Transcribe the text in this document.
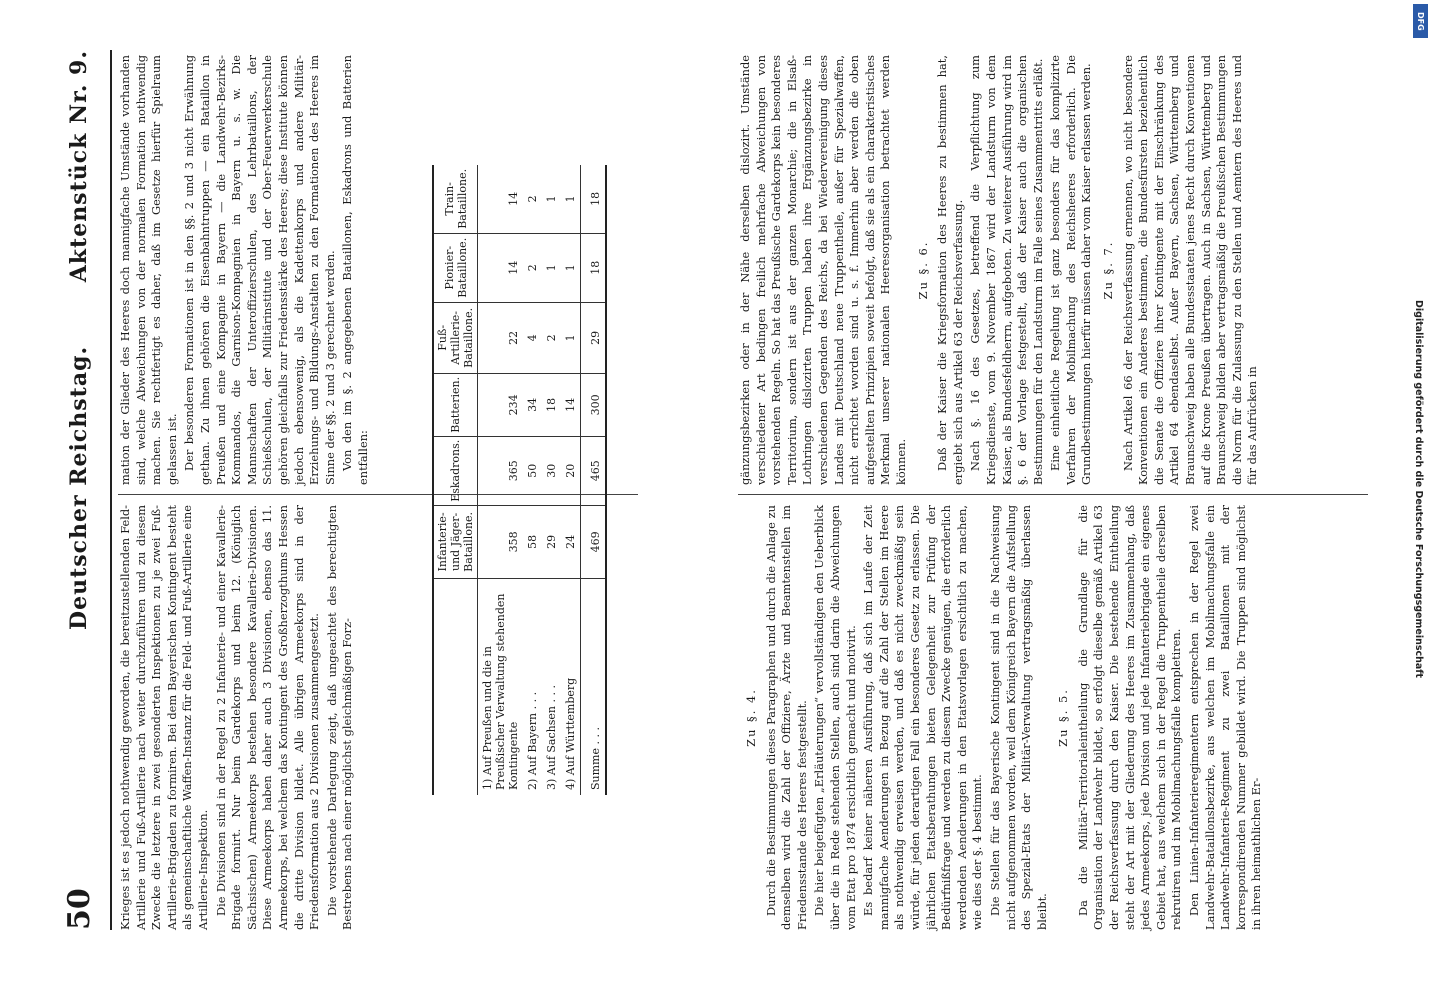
50
Deutscher Reichstag.
Aktenstück Nr. 9.

Krieges ist es jedoch nothwendig geworden, die bereitzustellenden Feld-Artillerie und Fuß-Artillerie nach weiter durchzuführen und zu diesem Zwecke die letztere in zwei gesonderten Inspektionen zu je zwei Fuß-Artillerie-Brigaden zu formiren. Bei dem Bayerischen Kontingent besteht als gemeinschaftliche Waffen-Instanz für die Feld- und Fuß-Artillerie eine Artillerie-Inspektion. Die Divisionen sind in der Regel zu 2 Infanterie- und einer Kavallerie-Brigade formirt. Nur beim Gardekorps und beim 12. (Königlich Sächsischen) Armeekorps bestehen besondere Kavallerie-Divisionen. Diese Armeekorps haben daher auch 3 Divisionen, ebenso das 11. Armeekorps, bei welchem das Kontingent des Großherzogthums Hessen die dritte Division bildet. Alle übrigen Armeekorps sind in der Friedensformation aus 2 Divisionen zusammengesetzt. Die vorstehende Darlegung zeigt, daß ungeachtet des berechtigten Bestrebens nach einer möglichst gleichmäßigen Forz-

mation der Glieder des Heeres doch mannigfache Umstände vorhanden sind, welche Abweichungen von der normalen Formation nothwendig machen. Sie rechtfertigt es daher, daß im Gesetze hierfür Spielraum gelassen ist. Der besonderen Formationen ist in den §§. 2 und 3 nicht Erwähnung gethan. Zu ihnen gehören die Eisenbahntruppen — ein Bataillon in Preußen und eine Kompagnie in Bayern — die Landwehr-Bezirks-Kommandos, die Garnison-Kompagnien in Bayern u. s. w. Die Mannschaften der Unteroffizierschulen, des Lehrbataillons, der Schießschulen, der Militärinstitute und der Ober-Feuerwerkerschule gehören gleichfalls zur Friedensstärke des Heeres; diese Institute können jedoch ebensowenig, als die Kadettenkorps und andere Militär-Erziehungs- und Bildungs-Anstalten zu den Formationen des Heeres im Sinne der §§. 2 und 3 gerechnet werden. Von den im §. 2 angegebenen Bataillonen, Eskadrons und Batterien entfallen:

	Infanterie- und Jäger-Bataillone.	Eskadrons.	Batterien.	Fuß-Artillerie-Bataillone.	Pionier-Bataillone.	Train-Bataillone.
1) Auf Preußen und die in Preußischer Verwaltung stehenden Kontingente	358	365	234	22	14	14
2) Auf Bayern . . .	58	50	34	4	2	2
3) Auf Sachsen . . .	29	30	18	2	1	1
4) Auf Württemberg	24	20	14	1	1	1
Summe . . .	469	465	300	29	18	18

Zu §. 4. Durch die Bestimmungen dieses Paragraphen und durch die Anlage zu demselben wird die Zahl der Offiziere, Ärzte und Beamtenstellen im Friedensstande des Heeres festgestellt. Die hier beigefügten „Erläuterungen“ vervollständigen den Ueberblick über die in Rede stehenden Stellen, auch sind darin die Abweichungen vom Etat pro 1874 ersichtlich gemacht und motivirt. Es bedarf keiner näheren Ausführung, daß sich im Laufe der Zeit mannigfache Aenderungen in Bezug auf die Zahl der Stellen im Heere als nothwendig erweisen werden, und daß es nicht zweckmäßig sein würde, für jeden derartigen Fall ein besonderes Gesetz zu erlassen. Die jährlichen Etatsberathungen bieten Gelegenheit zur Prüfung der Bedürfnißfrage und werden zu diesem Zwecke genügen, die erforderlich werdenden Aenderungen in den Etatsvorlagen ersichtlich zu machen, wie dies der §. 4 bestimmt. Die Stellen für das Bayerische Kontingent sind in die Nachweisung nicht aufgenommen worden, weil dem Königreich Bayern die Aufstellung des Spezial-Etats der Militär-Verwaltung vertragsmäßig überlassen bleibt.

Zu §. 5. Da die Militär-Territorialeintheilung die Grundlage für die Organisation der Landwehr bildet, so erfolgt dieselbe gemäß Artikel 63 der Reichsverfassung durch den Kaiser. Die bestehende Eintheilung steht der Art mit der Gliederung des Heeres im Zusammenhang, daß jedes Armeekorps, jede Division und jede Infanteriebrigade ein eigenes Gebiet hat, aus welchem sich in der Regel die Truppentheile derselben rekrutiren und im Mobilmachungsfalle kompletiren. Den Linien-Infanterieregimentern entsprechen in der Regel zwei Landwehr-Bataillonsbezirke, aus welchen im Mobilmachungsfalle ein Landwehr-Infanterie-Regiment zu zwei Bataillonen mit der korrespondirenden Nummer gebildet wird. Die Truppen sind möglichst in ihren heimathlichen Er-

gänzungsbezirken oder in der Nähe derselben dislozirt. Umstände verschiedener Art bedingen freilich mehrfache Abweichungen von vorstehenden Regeln. So hat das Preußische Gardekorps kein besonderes Territorium, sondern ist aus der ganzen Monarchie; die in Elsaß-Lothringen dislozirten Truppen haben ihre Ergänzungsbezirke in verschiedenen Gegenden des Reichs, da bei Wiedervereinigung dieses Landes mit Deutschland neue Truppentheile, außer für Spezialwaffen, nicht errichtet worden sind u. s. f. Immerhin aber werden die oben aufgestellten Prinzipien soweit befolgt, daß sie als ein charakteristisches Merkmal unserer nationalen Heeresorganisation betrachtet werden können.

Zu §. 6. Daß der Kaiser die Kriegsformation des Heeres zu bestimmen hat, ergiebt sich aus Artikel 63 der Reichsverfassung. Nach §. 16 des Gesetzes, betreffend die Verpflichtung zum Kriegsdienste, vom 9. November 1867 wird der Landsturm von dem Kaiser, als Bundesfeldherrn, aufgeboten. Zu weiterer Ausführung wird im §. 6 der Vorlage festgestellt, daß der Kaiser auch die organischen Bestimmungen für den Landsturm im Falle seines Zusammentritts erläßt. Eine einheitliche Regelung ist ganz besonders für das komplizirte Verfahren der Mobilmachung des Reichsheeres erforderlich. Die Grundbestimmungen hierfür müssen daher vom Kaiser erlassen werden. Zu §. 7. Nach Artikel 66 der Reichsverfassung ernennen, wo nicht besondere Konventionen ein Anderes bestimmen, die Bundesfürsten beziehentlich die Senate die Offiziere ihrer Kontingente mit der Einschränkung des Artikel 64 ebendaselbst. Außer Bayern, Sachsen, Württemberg und Braunschweig haben alle Bundesstaaten jenes Recht durch Konventionen auf die Krone Preußen übertragen. Auch in Sachsen, Württemberg und Braunschweig bilden aber vertragsmäßig die Preußischen Bestimmungen die Norm für die Zulassung zu den Stellen und Aemtern des Heeres und für das Aufrücken in

DFG
Digitalisierung gefördert durch die Deutsche Forschungsgemeinschaft
